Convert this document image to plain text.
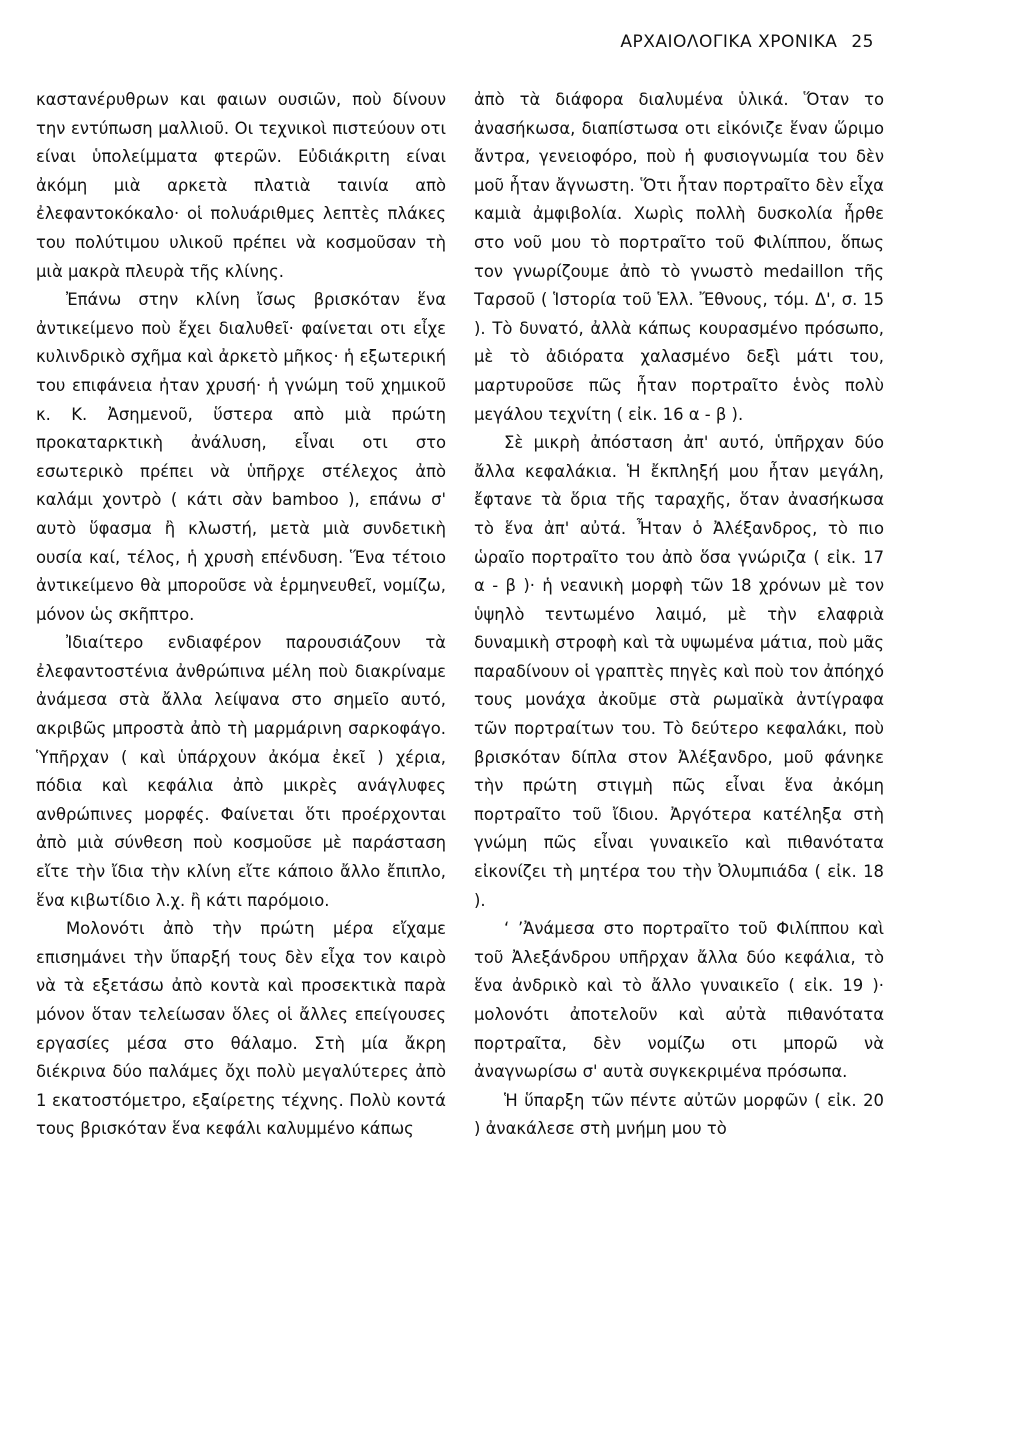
ΑΡΧΑΙΟΛΟΓΙΚΑ ΧΡΟΝΙΚΑ 25

καστανέρυθρων και φαιων ουσιῶν, ποὺ δίνουν την εντύπωση μαλλιοῦ. Οι τεχνικοὶ πιστεύουν οτι είναι ὑπολείμματα φτερῶν. Εὐδιάκριτη είναι ἀκόμη μιὰ αρκετὰ πλατιὰ ταινία απὸ ἐλεφαντοκόκαλο· οἱ πολυάριθμες λεπτὲς πλάκες του πολύτιμου υλικοῦ πρέπει νὰ κοσμοῦσαν τὴ μιὰ μακρὰ πλευρὰ τῆς κλίνης.

Ἐπάνω στην κλίνη ἴσως βρισκόταν ἕνα ἀντικείμενο ποὺ ἔχει διαλυθεῖ· φαίνεται οτι εἶχε κυλινδρικὸ σχῆμα καὶ ἀρκετὸ μῆκος· ἡ εξωτερική του επιφάνεια ἠταν χρυσή· ἡ γνώμη τοῦ χημικοῦ κ. Κ. Ἀσημενοῦ, ὕστερα απὸ μιὰ πρώτη προκαταρκτικὴ ἀνάλυση, εἶναι οτι στο εσωτερικὸ πρέπει νὰ ὑπῆρχε στέλεχος ἀπὸ καλάμι χοντρὸ ( κάτι σὰν bamboo ), επάνω σ' αυτὸ ὕφασμα ἢ κλωστή, μετὰ μιὰ συνδετικὴ ουσία καί, τέλος, ἡ χρυσὴ επένδυση. Ἕνα τέτοιο ἀντικείμενο θὰ μποροῦσε νὰ ἑρμηνευθεῖ, νομίζω, μόνον ὡς σκῆπτρο.

Ἰδιαίτερο ενδιαφέρον παρουσιάζουν τὰ ἐλεφαντοστένια ἀνθρώπινα μέλη ποὺ διακρίναμε ἀνάμεσα στὰ ἄλλα λείψανα στο σημεῖο αυτό, ακριβῶς μπροστὰ ἀπὸ τὴ μαρμάρινη σαρκοφάγο. Ὑπῆρχαν ( καὶ ὑπάρχουν ἀκόμα ἐκεῖ ) χέρια, πόδια καὶ κεφάλια ἀπὸ μικρὲς ανάγλυφες ανθρώπινες μορφές. Φαίνεται ὅτι προέρχονται ἀπὸ μιὰ σύνθεση ποὺ κοσμοῦσε μὲ παράσταση εἴτε τὴν ἴδια τὴν κλίνη εἴτε κάποιο ἄλλο ἔπιπλο, ἕνα κιβωτίδιο λ.χ. ἢ κάτι παρόμοιο.

Μολονότι ἀπὸ τὴν πρώτη μέρα εἴχαμε επισημάνει τὴν ὕπαρξή τους δὲν εἶχα τον καιρὸ νὰ τὰ εξετάσω ἀπὸ κοντὰ καὶ προσεκτικὰ παρὰ μόνον ὅταν τελείωσαν ὅλες οἱ ἄλλες επείγουσες εργασίες μέσα στο θάλαμο. Στὴ μία ἄκρη διέκρινα δύο παλάμες ὄχι πολὺ μεγαλύτερες ἀπὸ 1 εκατοστόμετρο, εξαίρετης τέχνης. Πολὺ κοντά τους βρισκόταν ἕνα κεφάλι καλυμμένο κάπως

ἀπὸ τὰ διάφορα διαλυμένα ὑλικά. Ὅταν το ἀνασήκωσα, διαπίστωσα οτι εἰκόνιζε ἕναν ὥριμο ἄντρα, γενειοφόρο, ποὺ ἡ φυσιογνωμία του δὲν μοῦ ἦταν ἄγνωστη. Ὅτι ἦταν πορτραῖτο δὲν εἶχα καμιὰ ἀμφιβολία. Χωρὶς πολλὴ δυσκολία ἦρθε στο νοῦ μου τὸ πορτραῖτο τοῦ Φιλίππου, ὅπως τον γνωρίζουμε ἀπὸ τὸ γνωστὸ medaillon τῆς Ταρσοῦ ( Ἱστορία τοῦ Ἑλλ. Ἔθνους, τόμ. Δ', σ. 15 ). Τὸ δυνατό, ἀλλὰ κάπως κουρασμένο πρόσωπο, μὲ τὸ ἀδιόρατα χαλασμένο δεξὶ μάτι του, μαρτυροῦσε πῶς ἦταν πορτραῖτο ἑνὸς πολὺ μεγάλου τεχνίτη ( εἰκ. 16 α - β ).

Σὲ μικρὴ ἀπόσταση ἀπ' αυτό, ὑπῆρχαν δύο ἄλλα κεφαλάκια. Ἡ ἔκπληξή μου ἦταν μεγάλη, ἔφτανε τὰ ὅρια τῆς ταραχῆς, ὅταν ἀνασήκωσα τὸ ἕνα ἀπ' αὐτά. Ἦταν ὁ Ἀλέξανδρος, τὸ πιο ὡραῖο πορτραῖτο του ἀπὸ ὅσα γνώριζα ( εἰκ. 17 α - β )· ἡ νεανικὴ μορφὴ τῶν 18 χρόνων μὲ τον ὑψηλὸ τεντωμένο λαιμό, μὲ τὴν ελαφριὰ δυναμικὴ στροφὴ καὶ τὰ υψωμένα μάτια, ποὺ μᾶς παραδίνουν οἱ γραπτὲς πηγὲς καὶ ποὺ τον ἀπόηχό τους μονάχα ἀκοῦμε στὰ ρωμαϊκὰ ἀντίγραφα τῶν πορτραίτων του. Τὸ δεύτερο κεφαλάκι, ποὺ βρισκόταν δίπλα στον Ἀλέξανδρο, μοῦ φάνηκε τὴν πρώτη στιγμὴ πῶς εἶναι ἕνα ἀκόμη πορτραῖτο τοῦ ἴδιου. Ἀργότερα κατέληξα στὴ γνώμη πῶς εἶναι γυναικεῖο καὶ πιθανότατα εἰκονίζει τὴ μητέρα του τὴν Ὀλυμπιάδα ( εἰκ. 18 ).

‘ ’Ἀνάμεσα στο πορτραῖτο τοῦ Φιλίππου καὶ τοῦ Ἀλεξάνδρου υπῆρχαν ἄλλα δύο κεφάλια, τὸ ἕνα ἀνδρικὸ καὶ τὸ ἄλλο γυναικεῖο ( εἰκ. 19 )· μολονότι ἀποτελοῦν καὶ αὐτὰ πιθανότατα πορτραῖτα, δὲν νομίζω οτι μπορῶ νὰ ἀναγνωρίσω σ' αυτὰ συγκεκριμένα πρόσωπα.

Ἡ ὕπαρξη τῶν πέντε αὐτῶν μορφῶν ( εἰκ. 20 ) ἀνακάλεσε στὴ μνήμη μου τὸ
